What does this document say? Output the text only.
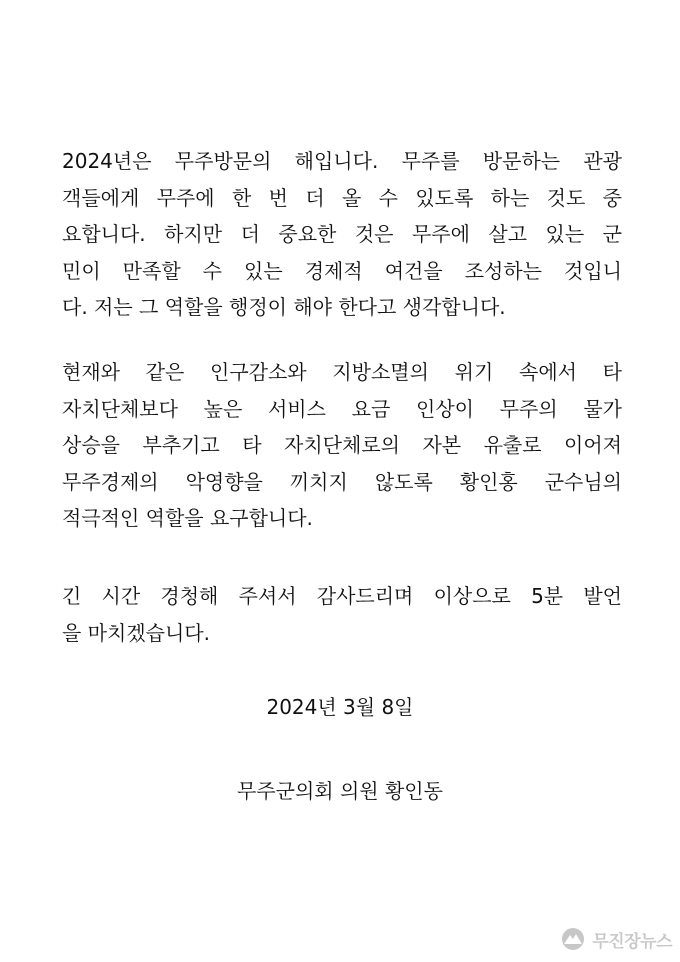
2024년은 무주방문의 해입니다. 무주를 방문하는 관광
객들에게 무주에 한 번 더 올 수 있도록 하는 것도 중
요합니다. 하지만 더 중요한 것은 무주에 살고 있는 군
민이 만족할 수 있는 경제적 여건을 조성하는 것입니
다. 저는 그 역할을 행정이 해야 한다고 생각합니다.
현재와 같은 인구감소와 지방소멸의 위기 속에서 타
자치단체보다 높은 서비스 요금 인상이 무주의 물가
상승을 부추기고 타 자치단체로의 자본 유출로 이어져
무주경제의 악영향을 끼치지 않도록 황인홍 군수님의
적극적인 역할을 요구합니다.
긴 시간 경청해 주셔서 감사드리며 이상으로 5분 발언
을 마치겠습니다.
2024년 3월 8일
무주군의회 의원 황인동
무진장뉴스
